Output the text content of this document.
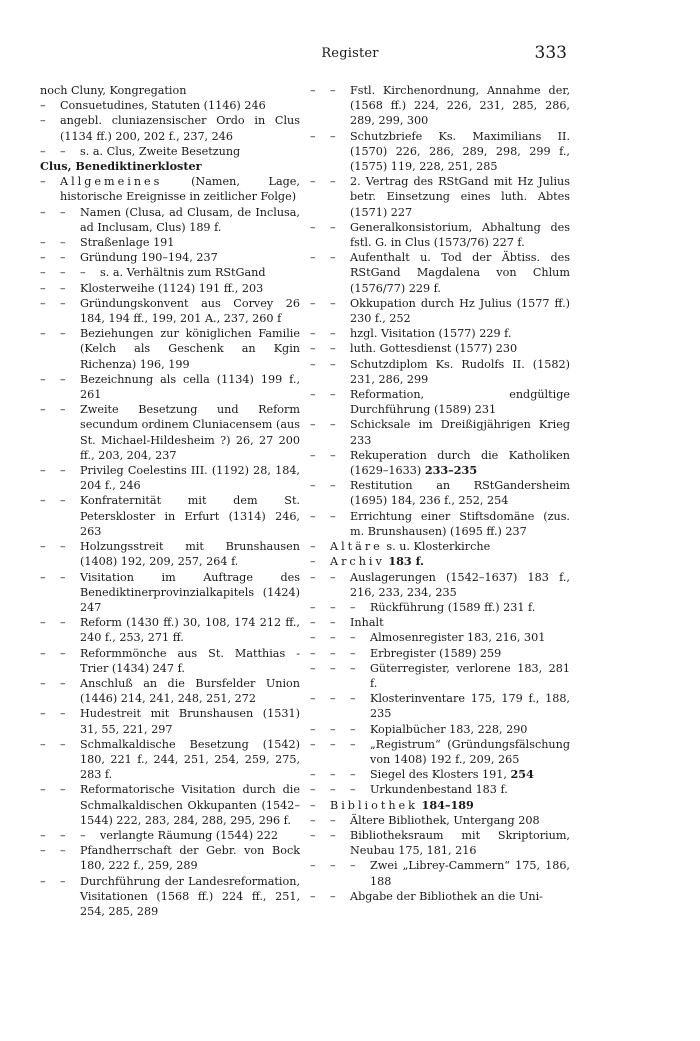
Register	333
noch Cluny, Kongregation
–	Consuetudines, Statuten (1146) 246
–	angebl. cluniazensischer Ordo in Clus (1134 ff.) 200, 202 f., 237, 246
–	–	s. a. Clus, Zweite Besetzung
Clus, Benediktinerkloster
–	Allgemeines (Namen, Lage, historische Ereignisse in zeitlicher Folge)
–	–	Namen (Clusa, ad Clusam, de Inclusa, ad Inclusam, Clus) 189 f.
–	–	Straßenlage 191
–	–	Gründung 190–194, 237
–	–	–	s. a. Verhältnis zum RStGand
–	–	Klosterweihe (1124) 191 ff., 203
–	–	Gründungskonvent aus Corvey 26 184, 194 ff., 199, 201 A., 237, 260 f
–	–	Beziehungen zur königlichen Familie (Kelch als Geschenk an Kgin Richenza) 196, 199
–	–	Bezeichnung als cella (1134) 199 f., 261
–	–	Zweite Besetzung und Reform secundum ordinem Cluniacensem (aus St. Michael-Hildesheim ?) 26, 27 200 ff., 203, 204, 237
–	–	Privileg Coelestins III. (1192) 28, 184, 204 f., 246
–	–	Konfraternität mit dem St. Peterskloster in Erfurt (1314) 246, 263
–	–	Holzungsstreit mit Brunshausen (1408) 192, 209, 257, 264 f.
–	–	Visitation im Auftrage des Benediktinerprovinzialkapitels (1424) 247
–	–	Reform (1430 ff.) 30, 108, 174 212 ff., 240 f., 253, 271 ff.
–	–	Reformmönche aus St. Matthias - Trier (1434) 247 f.
–	–	Anschluß an die Bursfelder Union (1446) 214, 241, 248, 251, 272
–	–	Hudestreit mit Brunshausen (1531) 31, 55, 221, 297
–	–	Schmalkaldische Besetzung (1542) 180, 221 f., 244, 251, 254, 259, 275, 283 f.
–	–	Reformatorische Visitation durch die Schmalkaldischen Okkupanten (1542–1544) 222, 283, 284, 288, 295, 296 f.
–	–	–	verlangte Räumung (1544) 222
–	–	Pfandherrschaft der Gebr. von Bock 180, 222 f., 259, 289
–	–	Durchführung der Landesreformation, Visitationen (1568 ff.) 224 ff., 251, 254, 285, 289
–	–	Fstl. Kirchenordnung, Annahme der, (1568 ff.) 224, 226, 231, 285, 286, 289, 299, 300
–	–	Schutzbriefe Ks. Maximilians II. (1570) 226, 286, 289, 298, 299 f., (1575) 119, 228, 251, 285
–	–	2. Vertrag des RStGand mit Hz Julius betr. Einsetzung eines luth. Abtes (1571) 227
–	–	Generalkonsistorium, Abhaltung des fstl. G. in Clus (1573/76) 227 f.
–	–	Aufenthalt u. Tod der Äbtiss. des RStGand Magdalena von Chlum (1576/77) 229 f.
–	–	Okkupation durch Hz Julius (1577 ff.) 230 f., 252
–	–	hzgl. Visitation (1577) 229 f.
–	–	luth. Gottesdienst (1577) 230
–	–	Schutzdiplom Ks. Rudolfs II. (1582) 231, 286, 299
–	–	Reformation, endgültige Durchführung (1589) 231
–	–	Schicksale im Dreißigjährigen Krieg 233
–	–	Rekuperation durch die Katholiken (1629–1633) 233–235
–	–	Restitution an RStGandersheim (1695) 184, 236 f., 252, 254
–	–	Errichtung einer Stiftsdomäne (zus. m. Brunshausen) (1695 ff.) 237
–	Altäre s. u. Klosterkirche
–	Archiv 183 f.
–	–	Auslagerungen (1542–1637) 183 f., 216, 233, 234, 235
–	–	–	Rückführung (1589 ff.) 231 f.
–	–	Inhalt
–	–	–	Almosenregister 183, 216, 301
–	–	–	Erbregister (1589) 259
–	–	–	Güterregister, verlorene 183, 281 f.
–	–	–	Klosterinventare 175, 179 f., 188, 235
–	–	–	Kopialbücher 183, 228, 290
–	–	–	„Registrum“ (Gründungsfälschung von 1408) 192 f., 209, 265
–	–	–	Siegel des Klosters 191, 254
–	–	–	Urkundenbestand 183 f.
–	Bibliothek 184–189
–	–	Ältere Bibliothek, Untergang 208
–	–	Bibliotheksraum mit Skriptorium, Neubau 175, 181, 216
–	–	–	Zwei „Librey-Cammern“ 175, 186, 188
–	–	Abgabe der Bibliothek an die Uni-
